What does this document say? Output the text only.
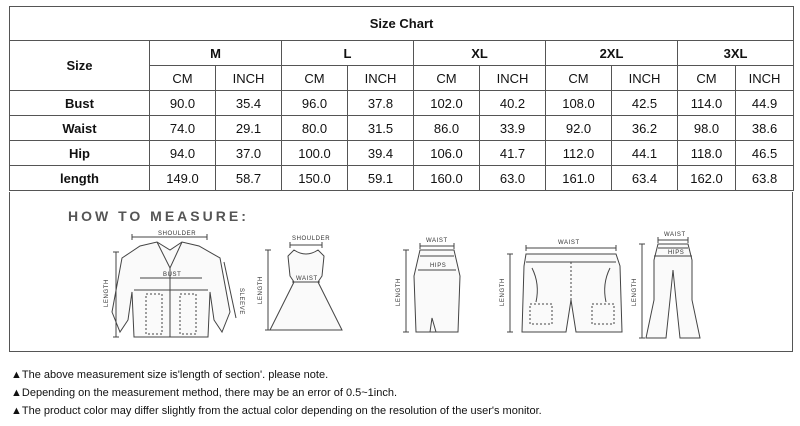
Size Chart										
Size	M		L		XL		2XL		3XL	
	CM	INCH	CM	INCH	CM	INCH	CM	INCH	CM	INCH
Bust	90.0	35.4	96.0	37.8	102.0	40.2	108.0	42.5	114.0	44.9
Waist	74.0	29.1	80.0	31.5	86.0	33.9	92.0	36.2	98.0	38.6
Hip	94.0	37.0	100.0	39.4	106.0	41.7	112.0	44.1	118.0	46.5
length	149.0	58.7	150.0	59.1	160.0	63.0	161.0	63.4	162.0	63.8
HOW TO MEASURE:
SHOULDER
BUST
LENGTH	SLEEVE
SHOULDER
WAIST
LENGTH
WAIST
HIPS
LENGTH
WAIST
LENGTH
WAIST
HIPS
LENGTH
▲The above measurement size is'length of section'. please note.
▲Depending on the measurement method, there may be an error of 0.5~1inch.
▲The product color may differ slightly from the actual color depending on the resolution of the user's monitor.
